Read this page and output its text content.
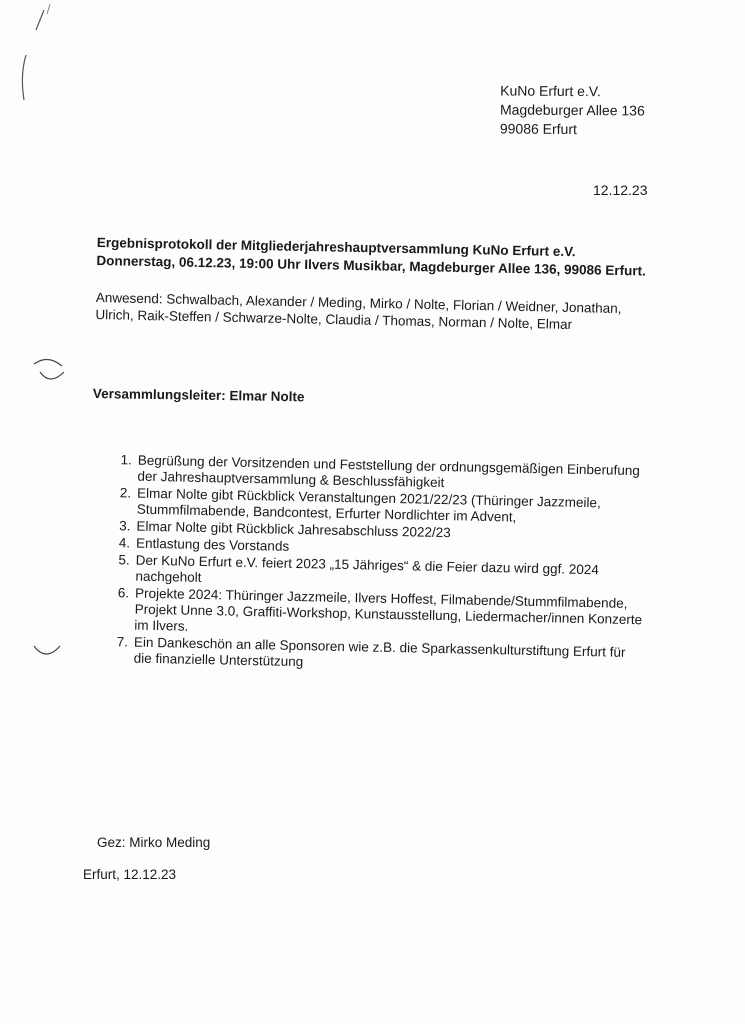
KuNo Erfurt e.V.
Magdeburger Allee 136
99086 Erfurt
12.12.23
Ergebnisprotokoll der Mitgliederjahreshauptversammlung KuNo Erfurt e.V.
Donnerstag, 06.12.23, 19:00 Uhr Ilvers Musikbar, Magdeburger Allee 136, 99086 Erfurt.
Anwesend: Schwalbach, Alexander / Meding, Mirko / Nolte, Florian / Weidner, Jonathan, Ulrich, Raik-Steffen / Schwarze-Nolte, Claudia / Thomas, Norman / Nolte, Elmar
Versammlungsleiter: Elmar Nolte
1. Begrüßung der Vorsitzenden und Feststellung der ordnungsgemäßigen Einberufung der Jahreshauptversammlung & Beschlussfähigkeit
2. Elmar Nolte gibt Rückblick Veranstaltungen 2021/22/23 (Thüringer Jazzmeile, Stummfilmabende, Bandcontest, Erfurter Nordlichter im Advent,
3. Elmar Nolte gibt Rückblick Jahresabschluss 2022/23
4. Entlastung des Vorstands
5. Der KuNo Erfurt e.V. feiert 2023 „15 Jähriges“ & die Feier dazu wird ggf. 2024 nachgeholt
6. Projekte 2024: Thüringer Jazzmeile, Ilvers Hoffest, Filmabende/Stummfilmabende, Projekt Unne 3.0, Graffiti-Workshop, Kunstausstellung, Liedermacher/innen Konzerte im Ilvers.
7. Ein Dankeschön an alle Sponsoren wie z.B. die Sparkassenkulturstiftung Erfurt für die finanzielle Unterstützung
Gez: Mirko Meding
Erfurt, 12.12.23
